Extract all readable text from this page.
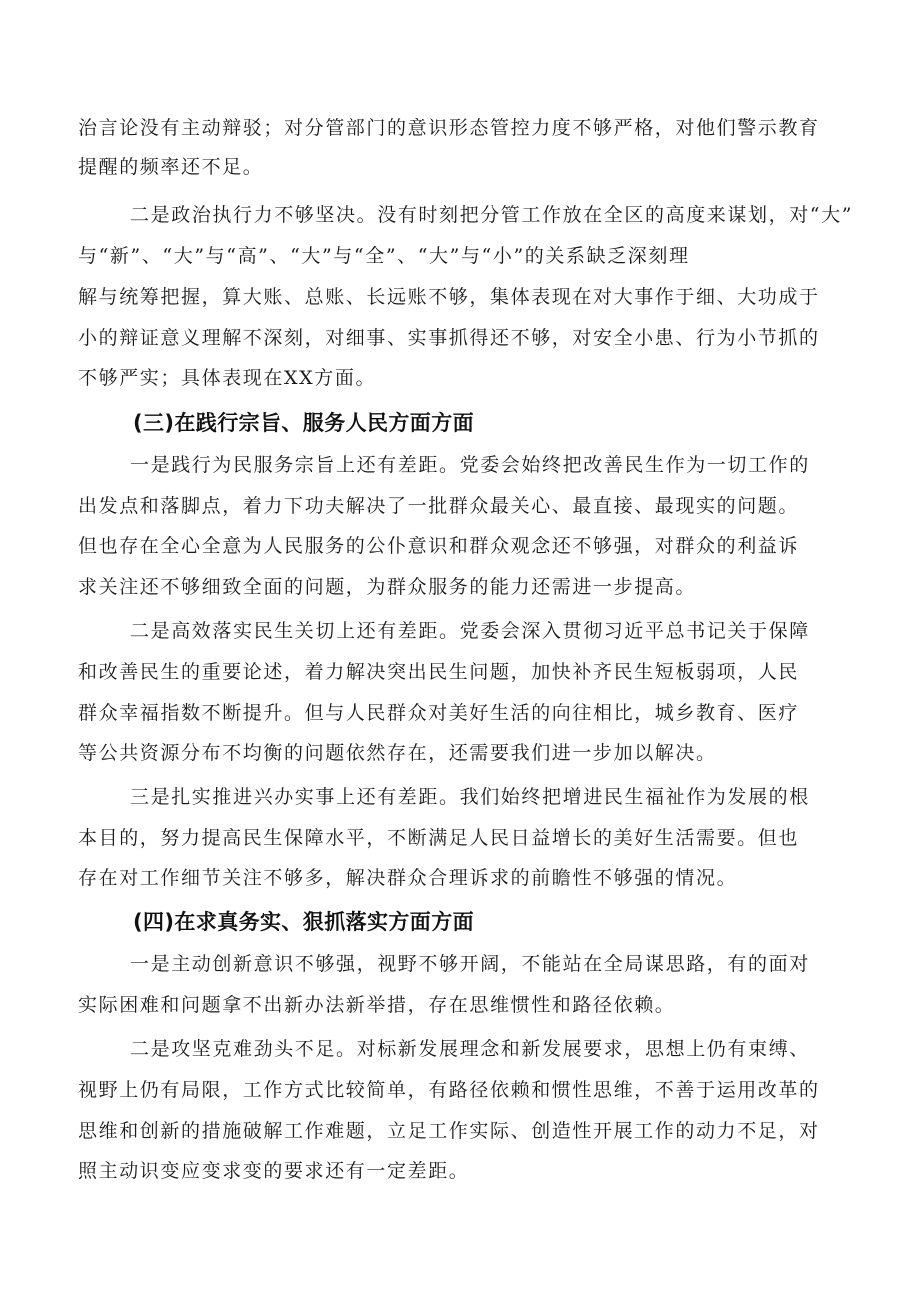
治言论没有主动辩驳；对分管部门的意识形态管控力度不够严格，对他们警示教育

提醒的频率还不足。

二是政治执行力不够坚决。没有时刻把分管工作放在全区的高度来谋划，对“大”

与“新”、“大”与“高”、“大”与“全”、“大”与“小”的关系缺乏深刻理

解与统筹把握，算大账、总账、长远账不够，集体表现在对大事作于细、大功成于

小的辩证意义理解不深刻，对细事、实事抓得还不够，对安全小患、行为小节抓的

不够严实；具体表现在XX方面。

(三)在践行宗旨、服务人民方面方面

一是践行为民服务宗旨上还有差距。党委会始终把改善民生作为一切工作的

出发点和落脚点，着力下功夫解决了一批群众最关心、最直接、最现实的问题。

但也存在全心全意为人民服务的公仆意识和群众观念还不够强，对群众的利益诉

求关注还不够细致全面的问题，为群众服务的能力还需进一步提高。

二是高效落实民生关切上还有差距。党委会深入贯彻习近平总书记关于保障

和改善民生的重要论述，着力解决突出民生问题，加快补齐民生短板弱项，人民

群众幸福指数不断提升。但与人民群众对美好生活的向往相比，城乡教育、医疗

等公共资源分布不均衡的问题依然存在，还需要我们进一步加以解决。

三是扎实推进兴办实事上还有差距。我们始终把增进民生福祉作为发展的根

本目的，努力提高民生保障水平，不断满足人民日益增长的美好生活需要。但也

存在对工作细节关注不够多，解决群众合理诉求的前瞻性不够强的情况。

(四)在求真务实、狠抓落实方面方面

一是主动创新意识不够强，视野不够开阔，不能站在全局谋思路，有的面对

实际困难和问题拿不出新办法新举措，存在思维惯性和路径依赖。

二是攻坚克难劲头不足。对标新发展理念和新发展要求，思想上仍有束缚、

视野上仍有局限，工作方式比较简单，有路径依赖和惯性思维，不善于运用改革的

思维和创新的措施破解工作难题，立足工作实际、创造性开展工作的动力不足，对

照主动识变应变求变的要求还有一定差距。
